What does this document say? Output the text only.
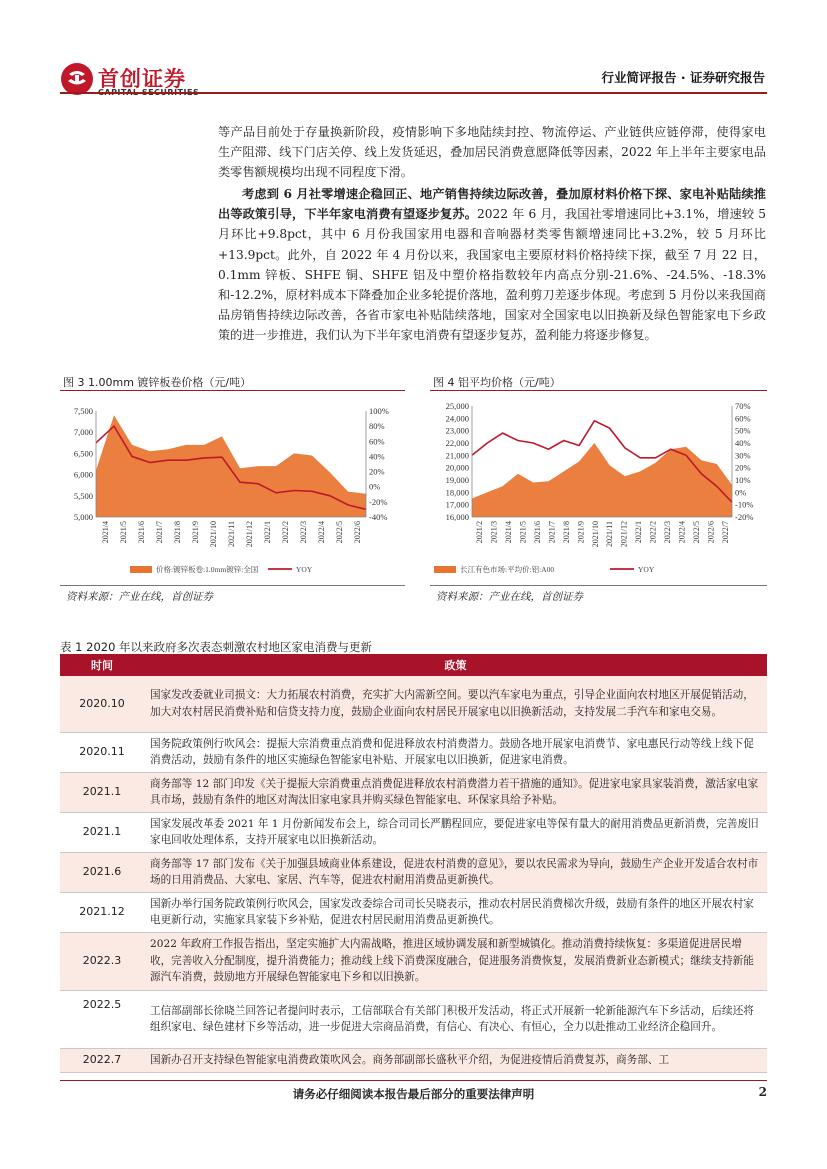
首创证券	行业简评报告 · 证券研究报告
等产品目前处于存量换新阶段，疫情影响下多地陆续封控、物流停运、产业链供应链停滞，使得家电生产阻滞、线下门店关停、线上发货延迟，叠加居民消费意愿降低等因素，2022 年上半年主要家电品类零售额规模均出现不同程度下滑。
考虑到 6 月社零增速企稳回正、地产销售持续边际改善，叠加原材料价格下探、家电补贴陆续推出等政策引导，下半年家电消费有望逐步复苏。2022 年 6 月，我国社零增速同比+3.1%，增速较 5 月环比+9.8pct，其中 6 月份我国家用电器和音响器材类零售额增速同比+3.2%，较 5 月环比+13.9pct。此外，自 2022 年 4 月份以来，我国家电主要原材料价格持续下探，截至 7 月 22 日，0.1mm 锌板、SHFE 铜、SHFE 铝及中塑价格指数较年内高点分别-21.6%、-24.5%、-18.3%和-12.2%，原材料成本下降叠加企业多轮提价落地，盈利剪刀差逐步体现。考虑到 5 月份以来我国商品房销售持续边际改善，各省市家电补贴陆续落地，国家对全国家电以旧换新及绿色智能家电下乡政策的进一步推进，我们认为下半年家电消费有望逐步复苏，盈利能力将逐步修复。
图 3 1.00mm 镀锌板卷价格（元/吨）	图 4 铝平均价格（元/吨）
7,500
7,000
6,500
6,000
5,500
5,000
100%
80%
60%
40%
20%
0%
-20%
-40%
2021/4 2021/5 2021/6 2021/7 2021/8 2021/9 2021/10 2021/11 2021/12 2022/1 2022/2 2022/3 2022/4 2022/5 2022/6
价格:镀锌板卷:1.0mm镀锌:全国	YOY
25,000
24,000
23,000
22,000
21,000
20,000
19,000
18,000
17,000
16,000
70%
60%
50%
40%
30%
20%
10%
0%
-10%
-20%
2021/2 2021/3 2021/4 2021/5 2021/6 2021/7 2021/8 2021/9 2021/10 2021/11 2021/12 2022/1 2022/2 2022/3 2022/4 2022/5 2022/6 2022/7
长江有色市场:平均价:铝:A00	YOY
资料来源：产业在线，首创证券	资料来源：产业在线，首创证券
表 1 2020 年以来政府多次表态刺激农村地区家电消费与更新
时间	政策
2020.10	国家发改委就业司损文：大力拓展农村消费，充实扩大内需新空间。要以汽车家电为重点，引导企业面向农村地区开展促销活动，加大对农村居民消费补贴和信贷支持力度，鼓励企业面向农村居民开展家电以旧换新活动，支持发展二手汽车和家电交易。
2020.11	国务院政策例行吹风会：提振大宗消费重点消费和促进释放农村消费潜力。鼓励各地开展家电消费节、家电惠民行动等线上线下促消费活动，鼓励有条件的地区实施绿色智能家电补贴、开展家电以旧换新，促进家电消费。
2021.1	商务部等 12 部门印发《关于提振大宗消费重点消费促进释放农村消费潜力若干措施的通知》。促进家电家具家装消费，激活家电家具市场，鼓励有条件的地区对淘汰旧家电家具并购买绿色智能家电、环保家具给予补贴。
2021.1	国家发展改革委 2021 年 1 月份新闻发布会上，综合司司长严鹏程回应，要促进家电等保有量大的耐用消费品更新消费，完善废旧家电回收处理体系，支持开展家电以旧换新活动。
2021.6	商务部等 17 部门发布《关于加强县域商业体系建设，促进农村消费的意见》，要以农民需求为导向，鼓励生产企业开发适合农村市场的日用消费品、大家电、家居、汽车等，促进农村耐用消费品更新换代。
2021.12	国新办举行国务院政策例行吹风会，国家发改委综合司司长吴晓表示，推动农村居民消费梯次升级，鼓励有条件的地区开展农村家电更新行动，实施家具家装下乡补贴，促进农村居民耐用消费品更新换代。
2022.3	2022 年政府工作报告指出，坚定实施扩大内需战略，推进区域协调发展和新型城镇化。推动消费持续恢复：多渠道促进居民增收，完善收入分配制度，提升消费能力；推动线上线下消费深度融合，促进服务消费恢复，发展消费新业态新模式；继续支持新能源汽车消费，鼓励地方开展绿色智能家电下乡和以旧换新。
2022.5	工信部副部长徐晓兰回答记者提问时表示，工信部联合有关部门积极开发活动，将正式开展新一轮新能源汽车下乡活动，后续还将组织家电、绿色建材下乡等活动，进一步促进大宗商品消费，有信心、有决心、有恒心，全力以赴推动工业经济企稳回升。
2022.7	国新办召开支持绿色智能家电消费政策吹风会。商务部副部长盛秋平介绍，为促进疫情后消费复苏，商务部、工
请务必仔细阅读本报告最后部分的重要法律声明	2
